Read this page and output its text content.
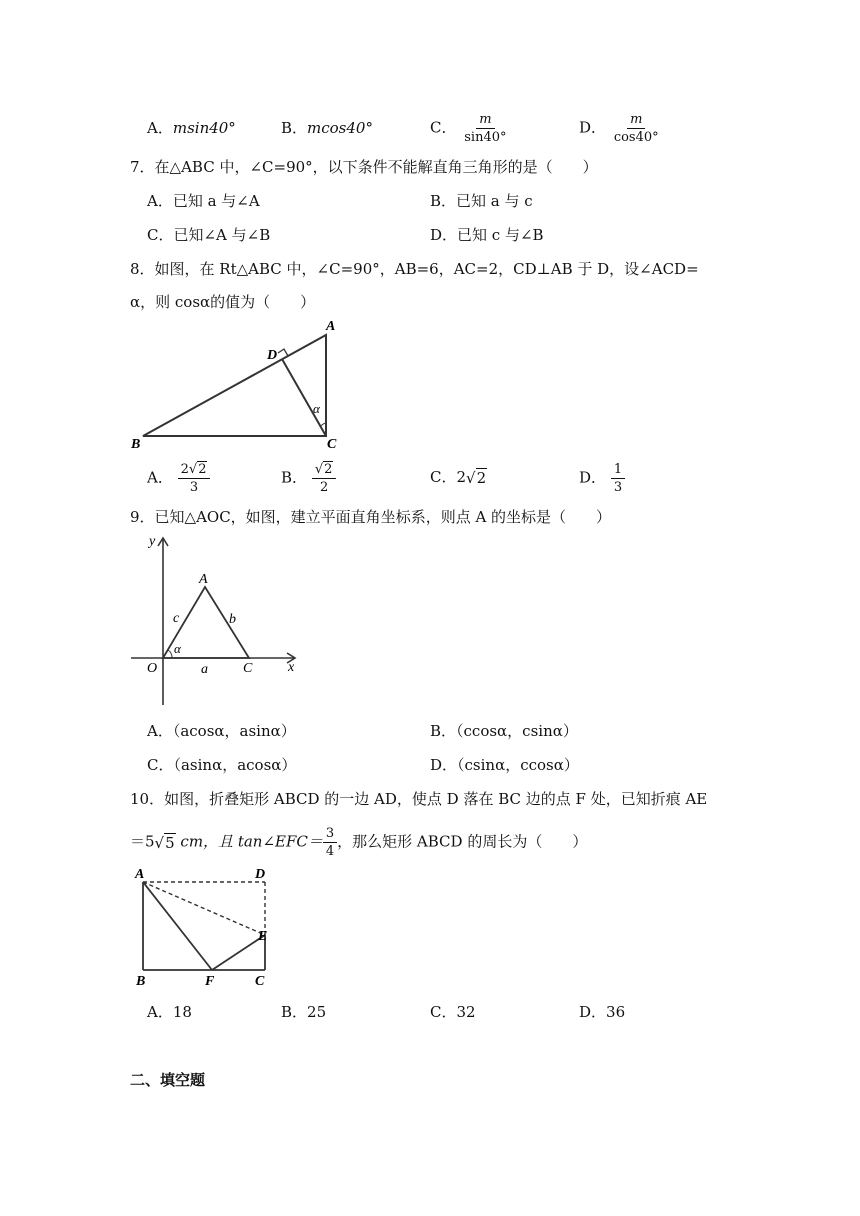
A．msin40°	B．mcos40°	C． $\frac{m}{\sin 40^\circ}$	D． $\frac{m}{\cos 40^\circ}$
7．在△ABC 中，∠C=90°，以下条件不能解直角三角形的是（　　）
A．已知 a 与∠A	B．已知 a 与 c
C．已知∠A 与∠B	D．已知 c 与∠B
8．如图，在 Rt△ABC 中，∠C=90°，AB=6，AC=2，CD⊥AB 于 D，设∠ACD=
α，则 cosα的值为（　　）
B
A
C
D
α
A． $\frac{2√2}{3}$	B． $\frac{√2}{2}$	C．2√2	D． $\frac{1}{3}$
9．已知△AOC，如图，建立平面直角坐标系，则点 A 的坐标是（　　）
y
x
O
A
C
c	b
a
α
A．（acosα，asinα）	B．（ccosα，csinα）
C．（asinα，acosα）	D．（csinα，ccosα）
10．如图，折叠矩形 ABCD 的一边 AD，使点 D 落在 BC 边的点 F 处，已知折痕 AE
＝5√5 cm，且 tan∠EFC＝ $\frac{3}{4}$ ，那么矩形 ABCD 的周长为（　　）
A	D
E
B	F	C
A．18	B．25	C．32	D．36
二、填空题
